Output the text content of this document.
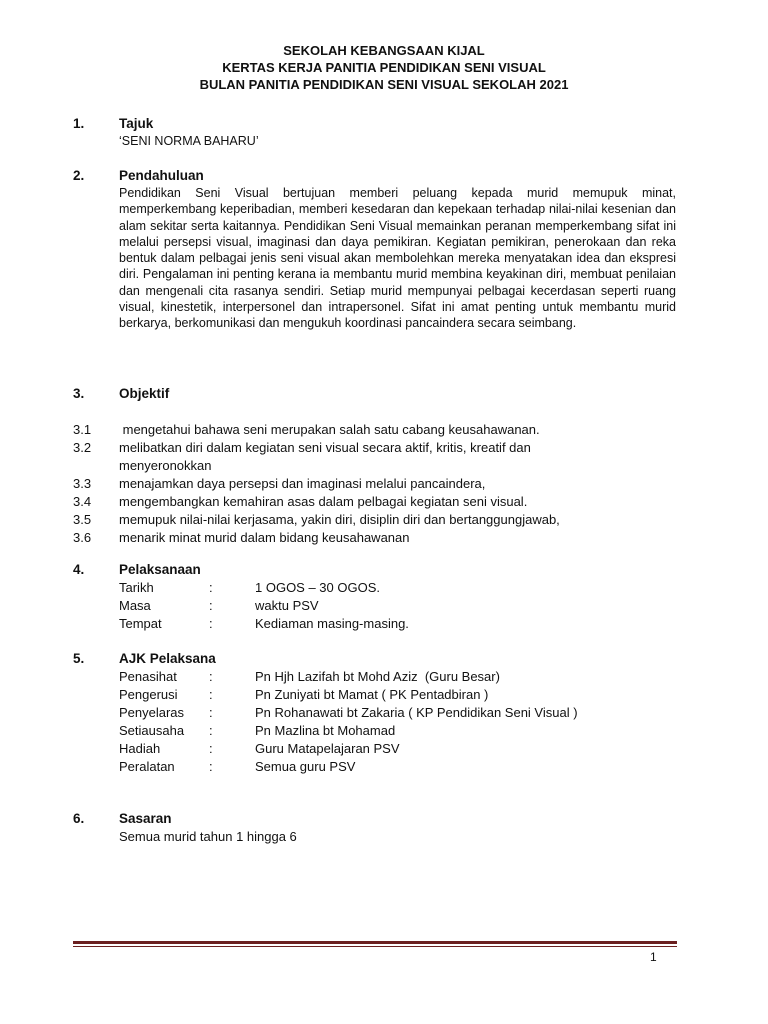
SEKOLAH KEBANGSAAN KIJAL
KERTAS KERJA PANITIA PENDIDIKAN SENI VISUAL
BULAN PANITIA PENDIDIKAN SENI VISUAL SEKOLAH 2021
1.	Tajuk
‘SENI NORMA BAHARU’
2.	Pendahuluan
Pendidikan Seni Visual bertujuan memberi peluang kepada murid memupuk minat, memperkembang keperibadian, memberi kesedaran dan kepekaan terhadap nilai-nilai kesenian dan alam sekitar serta kaitannya. Pendidikan Seni Visual memainkan peranan memperkembang sifat ini melalui persepsi visual, imaginasi dan daya pemikiran. Kegiatan pemikiran, penerokaan dan reka bentuk dalam pelbagai jenis seni visual akan membolehkan mereka menyatakan idea dan ekspresi diri. Pengalaman ini penting kerana ia membantu murid membina keyakinan diri, membuat penilaian dan mengenali cita rasanya sendiri. Setiap murid mempunyai pelbagai kecerdasan seperti ruang visual, kinestetik, interpersonel dan intrapersonel. Sifat ini amat penting untuk membantu murid berkarya, berkomunikasi dan mengukuh koordinasi pancaindera secara seimbang.
3.	Objektif
3.1	mengetahui bahawa seni merupakan salah satu cabang keusahawanan.
3.2	melibatkan diri dalam kegiatan seni visual secara aktif, kritis, kreatif dan menyeronokkan
3.3	menajamkan daya persepsi dan imaginasi melalui pancaindera,
3.4	mengembangkan kemahiran asas dalam pelbagai kegiatan seni visual.
3.5	memupuk nilai-nilai kerjasama, yakin diri, disiplin diri dan bertanggungjawab,
3.6	menarik minat murid dalam bidang keusahawanan
4.	Pelaksanaan
Tarikh	:	1 OGOS – 30 OGOS.
Masa	:	waktu PSV
Tempat	:	Kediaman masing-masing.
5.	AJK Pelaksana
Penasihat :	Pn Hjh Lazifah bt Mohd Aziz  (Guru Besar)
Pengerusi :	Pn Zuniyati bt Mamat ( PK Pentadbiran )
Penyelaras :	Pn Rohanawati bt Zakaria ( KP Pendidikan Seni Visual )
Setiausaha :	Pn Mazlina bt Mohamad
Hadiah	:	Guru Matapelajaran PSV
Peralatan	:	Semua guru PSV
6.	Sasaran
Semua murid tahun 1 hingga 6
1
